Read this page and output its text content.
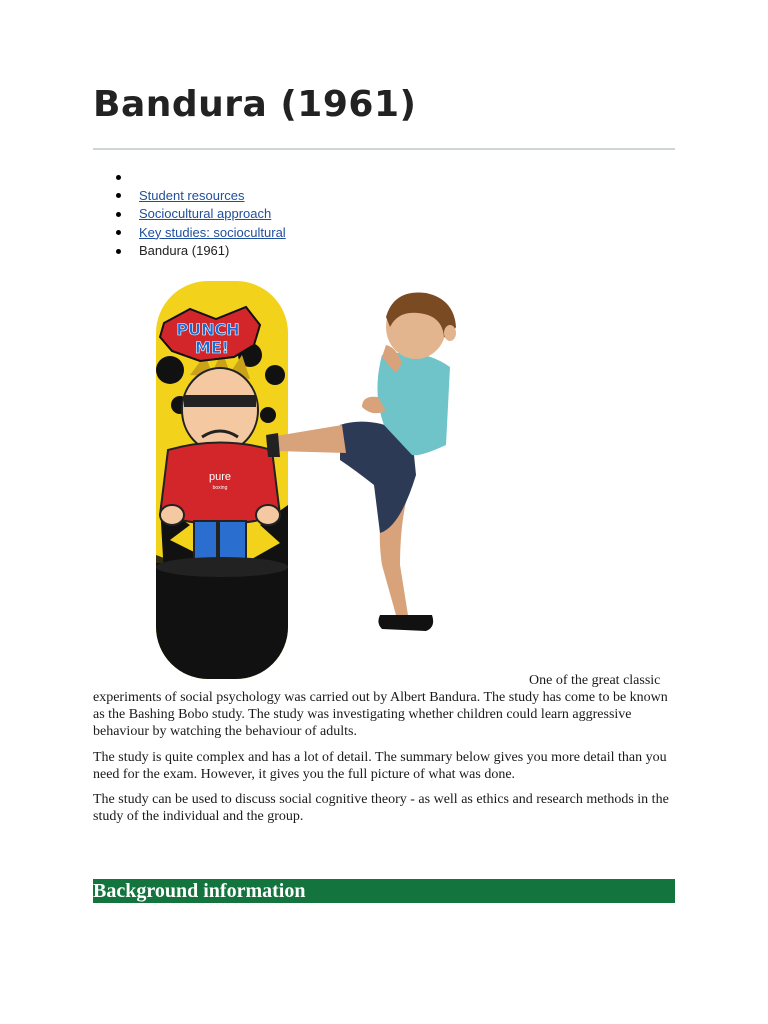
Bandura (1961)
Student resources
Sociocultural approach
Key studies: sociocultural
Bandura (1961)
PUNCH
ME!
pure
boxing

One of the great classic experiments of social psychology was carried out by Albert Bandura. The study has come to be known as the Bashing Bobo study. The study was investigating whether children could learn aggressive behaviour by watching the behaviour of adults.

The study is quite complex and has a lot of detail. The summary below gives you more detail than you need for the exam. However, it gives you the full picture of what was done.

The study can be used to discuss social cognitive theory - as well as ethics and research methods in the study of the individual and the group.

Background information
